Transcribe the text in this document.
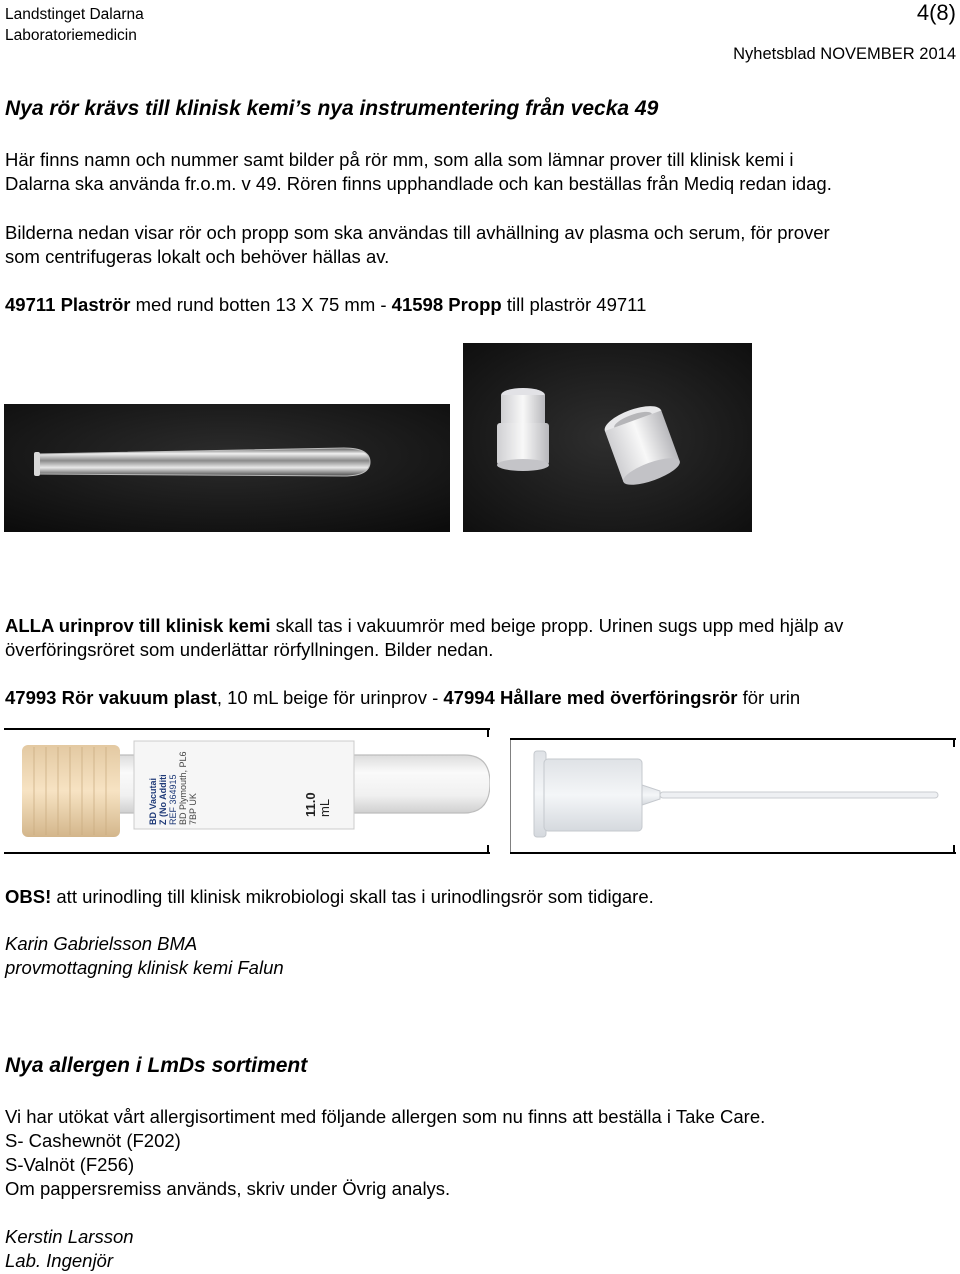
Landstinget Dalarna
Laboratoriemedicin
4(8)
Nyhetsblad NOVEMBER 2014
Nya rör krävs till klinisk kemi’s nya instrumentering från vecka 49

Här finns namn och nummer samt bilder på rör mm, som alla som lämnar prover till klinisk kemi i
Dalarna ska använda fr.o.m. v 49. Rören finns upphandlade och kan beställas från Mediq redan idag.

Bilderna nedan visar rör och propp som ska användas till avhällning av plasma och serum, för prover
som centrifugeras lokalt och behöver hällas av.

49711 Plaströr med rund botten 13 X 75 mm - 41598 Propp till plaströr 49711

ALLA urinprov till klinisk kemi skall tas i vakuumrör med beige propp. Urinen sugs upp med hjälp av
överföringsröret som underlättar rörfyllningen. Bilder nedan.

47993 Rör vakuum plast, 10 mL beige för urinprov - 47994 Hållare med överföringsrör för urin

BD Vacutai Z (No Additi REF 364915 BD Plymouth, PL6 7BP UK	11.0 mL

OBS! att urinodling till klinisk mikrobiologi skall tas i urinodlingsrör som tidigare.

Karin Gabrielsson BMA
provmottagning klinisk kemi Falun

Nya allergen i LmDs sortiment

Vi har utökat vårt allergisortiment med följande allergen som nu finns att beställa i Take Care.
S- Cashewnöt (F202)
S-Valnöt (F256)
Om pappersremiss används, skriv under Övrig analys.

Kerstin Larsson
Lab. Ingenjör
